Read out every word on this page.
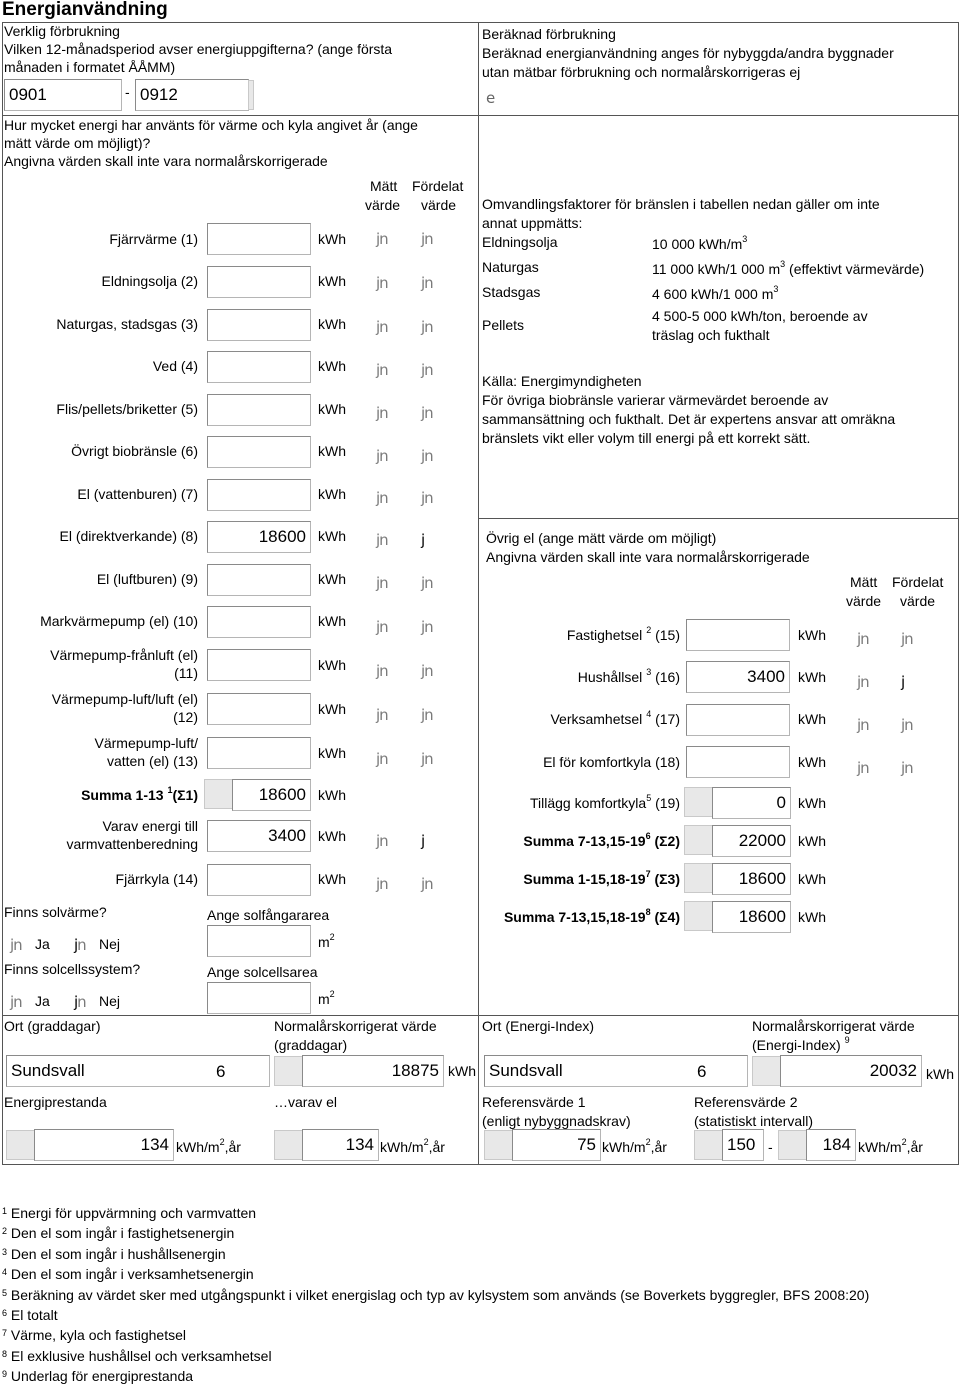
Energianvändning
Verklig förbrukning
Vilken 12-månadsperiod avser energiuppgifterna? (ange första
månaden i formatet ÅÅMM)
0901	- 0912
Hur mycket energi har använts för värme och kyla angivet år (ange
mätt värde om möjligt)?
Angivna värden skall inte vara normalårskorrigerade
Mätt
värde
Fördelat
värde
Fjärrvärme (1)	kWh jn jn
Eldningsolja (2)	kWh jn jn
Naturgas, stadsgas (3)	kWh jn jn
Ved (4)	kWh jn jn
Flis/pellets/briketter (5)	kWh jn jn
Övrigt biobränsle (6)	kWh jn jn
El (vattenburen) (7)	kWh jn jn
El (direktverkande) (8)	18600 kWh jn j
El (luftburen) (9)	kWh jn jn
Markvärmepump (el) (10)	kWh jn jn
Värmepump-frånluft (el)
(11)	kWh jn jn
Värmepump-luft/luft (el)
(12)	kWh jn jn
Värmepump-luft/
vatten (el) (13)	kWh jn jn
Summa 1-13 $^1$(Σ1)	18600 kWh
Varav energi till
varmvattenberedning	3400 kWh jn j
Fjärrkyla (14)	kWh jn jn
Finns solvärme?	Ange solfångararea
jn Ja jn Nej	$m^2$
Finns solcellssystem?	Ange solcellsarea
jn Ja jn Nej	$m^2$
Beräknad förbrukning
Beräknad energianvändning anges för nybyggda/andra byggnader
utan mätbar förbrukning och normalårskorrigeras ej
e
Omvandlingsfaktorer för bränslen i tabellen nedan gäller om inte
annat uppmätts:
Eldningsolja	10 000 kWh/$m^3$
Naturgas	11 000 kWh/1 000 $m^3$ (effektivt värmevärde)
Stadsgas	4 600 kWh/1 000 $m^3$
Pellets
4 500-5 000 kWh/ton, beroende av
träslag och fukthalt
Källa: Energimyndigheten
För övriga biobränsle varierar värmevärdet beroende av
sammansättning och fukthalt. Det är expertens ansvar att omräkna
bränslets vikt eller volym till energi på ett korrekt sätt.
Övrig el (ange mätt värde om möjligt)
Angivna värden skall inte vara normalårskorrigerade
Mätt
värde
Fördelat
värde
Fastighetsel $^2$ (15)	kWh jn jn
Hushållsel $^3$ (16)	3400 kWh jn j
Verksamhetsel $^4$ (17)	kWh jn jn
El för komfortkyla (18)	kWh jn jn
Tillägg komfortkyla$^5$ (19)	0 kWh
Summa $7-13,15-19^6$ (Σ2)	22000 kWh
Summa $1-15,18-19^7$ (Σ3)	18600 kWh
Summa $7-13,15,18-19^8$ (Σ4)	18600 kWh
Ort (graddagar)
Sundsvall	6
Normalårskorrigerat värde
(graddagar)
18875 kWh
Ort (Energi-Index)
Sundsvall	6
Normalårskorrigerat värde
(Energi-Index) $^9$
20032 kWh
Energiprestanda
134 kWh/$m^2,år$
…varav el
134 kWh/$m^2,år$
Referensvärde 1
(enligt nybyggnadskrav)
75 kWh/$m^2,år$
Referensvärde 2
(statistiskt intervall)
150 -	184 kWh/$m^2,år$
$^1$ Energi för uppvärmning och varmvatten
$^2$ Den el som ingår i fastighetsenergin
$^3$ Den el som ingår i hushållsenergin
$^4$ Den el som ingår i verksamhetsenergin
$^5$ Beräkning av värdet sker med utgångspunkt i vilket energislag och typ av kylsystem som används (se Boverkets byggregler, BFS 2008:20)
$^6$ El totalt
$^7$ Värme, kyla och fastighetsel
$^8$ El exklusive hushållsel och verksamhetsel
$^9$ Underlag för energiprestanda
